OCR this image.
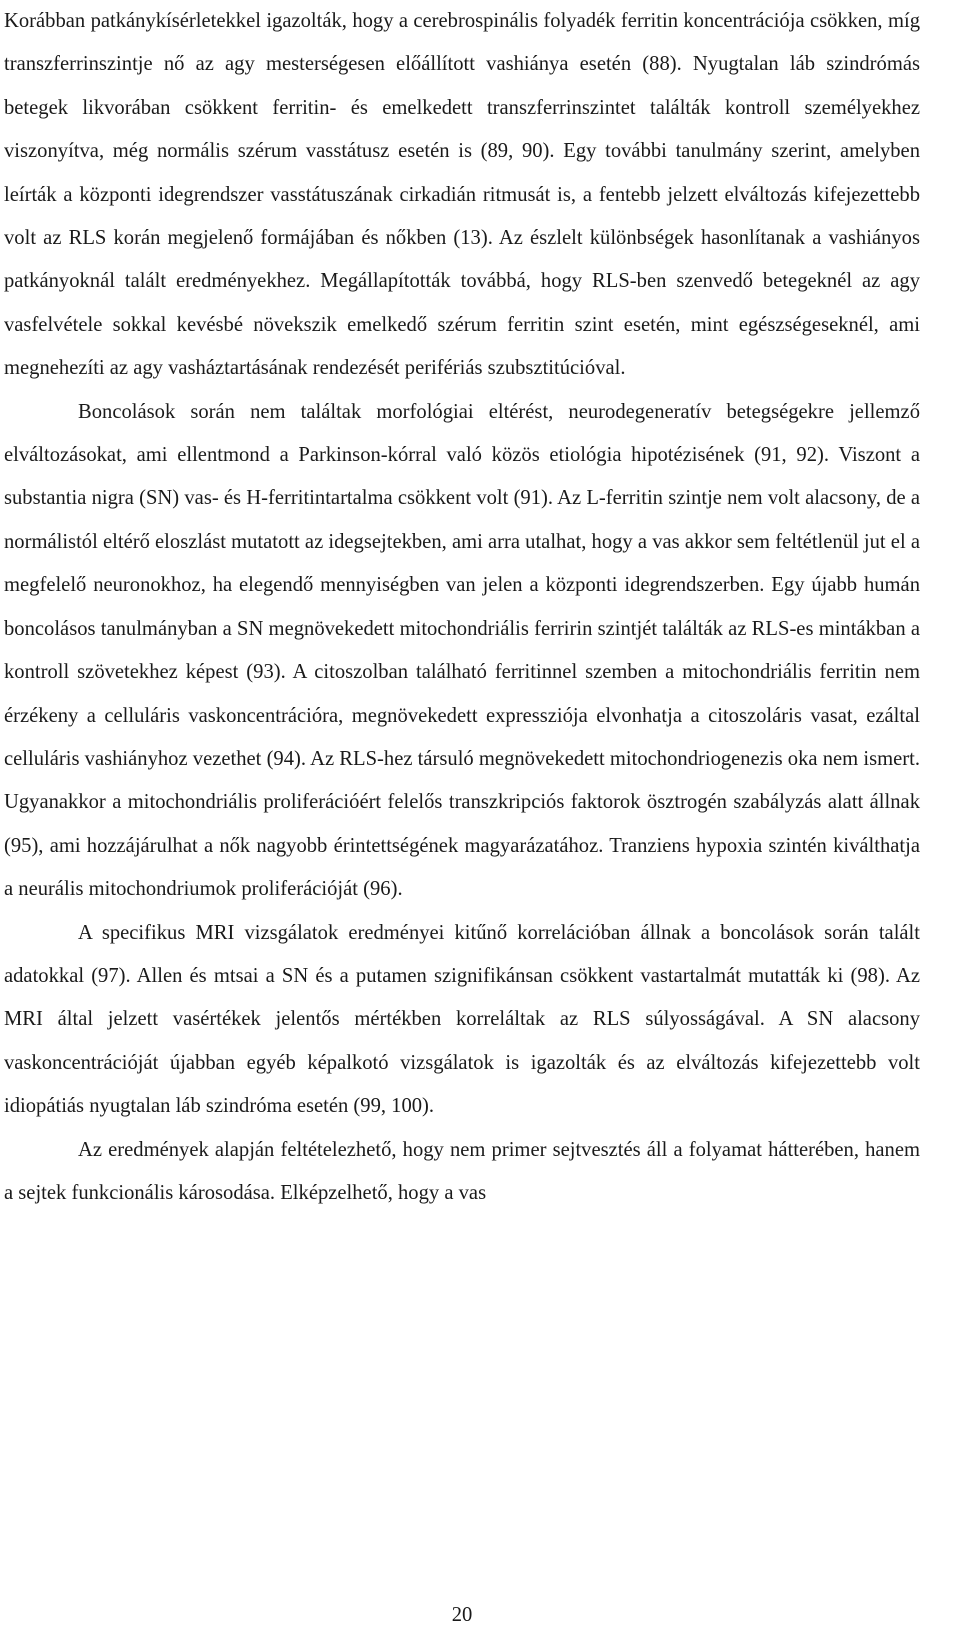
Korábban patkánykísérletekkel igazolták, hogy a cerebrospinális folyadék ferritin koncentrációja csökken, míg transzferrinszintje nő az agy mesterségesen előállított vashiánya esetén (88). Nyugtalan láb szindrómás betegek likvorában csökkent ferritin- és emelkedett transzferrinszintet találták kontroll személyekhez viszonyítva, még normális szérum vasstátusz esetén is (89, 90). Egy további tanulmány szerint, amelyben leírták a központi idegrendszer vasstátuszának cirkadián ritmusát is, a fentebb jelzett elváltozás kifejezettebb volt az RLS korán megjelenő formájában és nőkben (13). Az észlelt különbségek hasonlítanak a vashiányos patkányoknál talált eredményekhez. Megállapították továbbá, hogy RLS-ben szenvedő betegeknél az agy vasfelvétele sokkal kevésbé növekszik emelkedő szérum ferritin szint esetén, mint egészségeseknél, ami megnehezíti az agy vasháztartásának rendezését perifériás szubsztitúcióval.

Boncolások során nem találtak morfológiai eltérést, neurodegeneratív betegségekre jellemző elváltozásokat, ami ellentmond a Parkinson-kórral való közös etiológia hipotézisének (91, 92). Viszont a substantia nigra (SN) vas- és H-ferritintartalma csökkent volt (91). Az L-ferritin szintje nem volt alacsony, de a normálistól eltérő eloszlást mutatott az idegsejtekben, ami arra utalhat, hogy a vas akkor sem feltétlenül jut el a megfelelő neuronokhoz, ha elegendő mennyiségben van jelen a központi idegrendszerben. Egy újabb humán boncolásos tanulmányban a SN megnövekedett mitochondriális ferririn szintjét találták az RLS-es mintákban a kontroll szövetekhez képest (93). A citoszolban található ferritinnel szemben a mitochondriális ferritin nem érzékeny a celluláris vaskoncentrációra, megnövekedett expressziója elvonhatja a citoszoláris vasat, ezáltal celluláris vashiányhoz vezethet (94). Az RLS-hez társuló megnövekedett mitochondriogenezis oka nem ismert. Ugyanakkor a mitochondriális proliferációért felelős transzkripciós faktorok ösztrogén szabályzás alatt állnak (95), ami hozzájárulhat a nők nagyobb érintettségének magyarázatához. Tranziens hypoxia szintén kiválthatja a neurális mitochondriumok proliferációját (96).

A specifikus MRI vizsgálatok eredményei kitűnő korrelációban állnak a boncolások során talált adatokkal (97). Allen és mtsai a SN és a putamen szignifikánsan csökkent vastartalmát mutatták ki (98). Az MRI által jelzett vasértékek jelentős mértékben korreláltak az RLS súlyosságával. A SN alacsony vaskoncentrációját újabban egyéb képalkotó vizsgálatok is igazolták és az elváltozás kifejezettebb volt idiopátiás nyugtalan láb szindróma esetén (99, 100).

Az eredmények alapján feltételezhető, hogy nem primer sejtvesztés áll a folyamat hátterében, hanem a sejtek funkcionális károsodása. Elképzelhető, hogy a vas

20
